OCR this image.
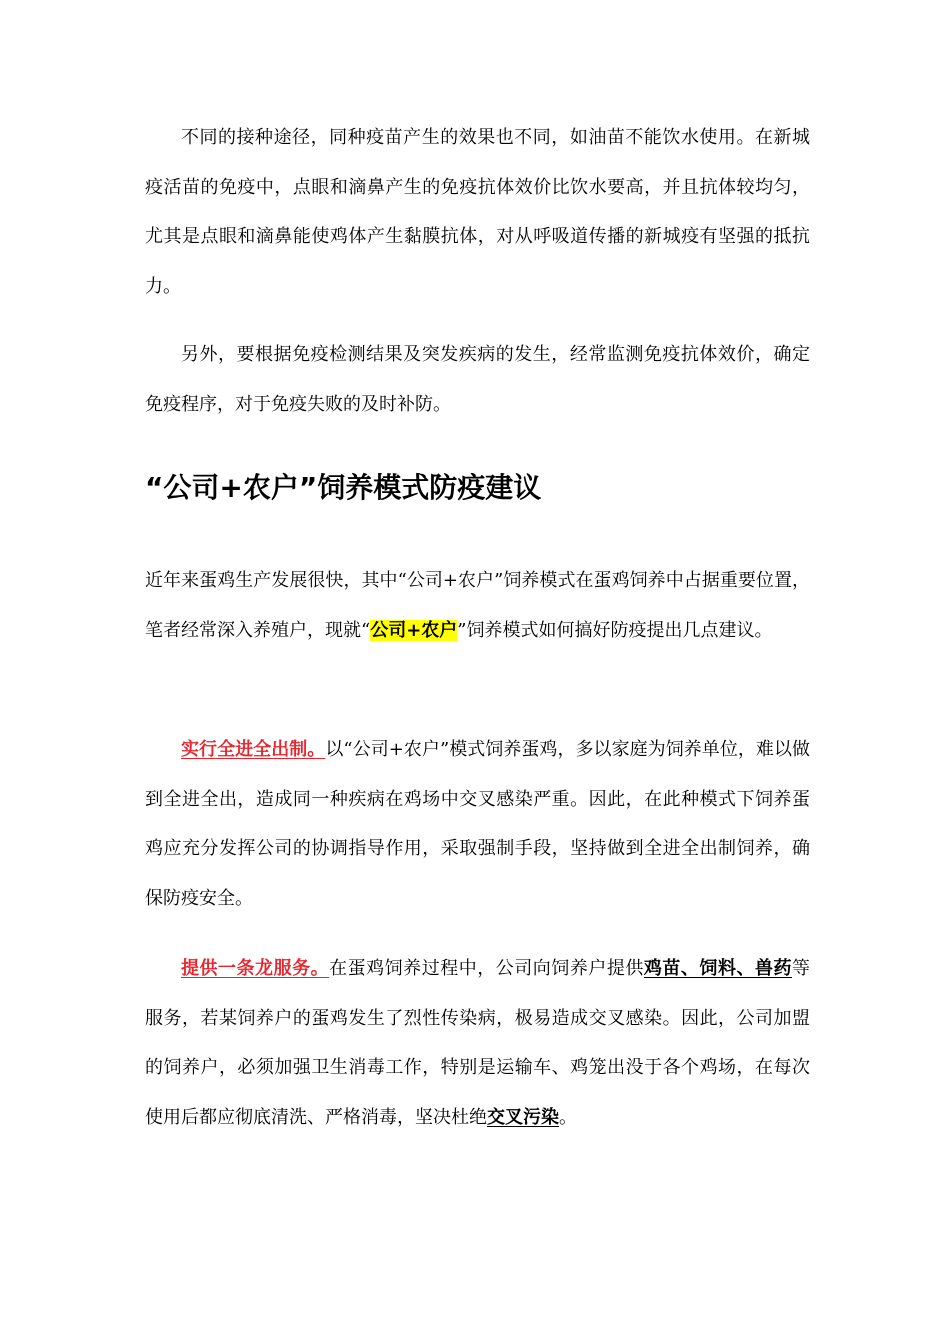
不同的接种途径，同种疫苗产生的效果也不同，如油苗不能饮水使用。在新城疫活苗的免疫中，点眼和滴鼻产生的免疫抗体效价比饮水要高，并且抗体较均匀，尤其是点眼和滴鼻能使鸡体产生黏膜抗体，对从呼吸道传播的新城疫有坚强的抵抗力。

另外，要根据免疫检测结果及突发疾病的发生，经常监测免疫抗体效价，确定免疫程序，对于免疫失败的及时补防。

“公司+农户”饲养模式防疫建议

近年来蛋鸡生产发展很快，其中“公司+农户”饲养模式在蛋鸡饲养中占据重要位置，笔者经常深入养殖户，现就“公司+农户”饲养模式如何搞好防疫提出几点建议。

实行全进全出制。以“公司+农户”模式饲养蛋鸡，多以家庭为饲养单位，难以做到全进全出，造成同一种疾病在鸡场中交叉感染严重。因此，在此种模式下饲养蛋鸡应充分发挥公司的协调指导作用，采取强制手段，坚持做到全进全出制饲养，确保防疫安全。

提供一条龙服务。在蛋鸡饲养过程中，公司向饲养户提供鸡苗、饲料、兽药等服务，若某饲养户的蛋鸡发生了烈性传染病，极易造成交叉感染。因此，公司加盟的饲养户，必须加强卫生消毒工作，特别是运输车、鸡笼出没于各个鸡场，在每次使用后都应彻底清洗、严格消毒，坚决杜绝交叉污染。
